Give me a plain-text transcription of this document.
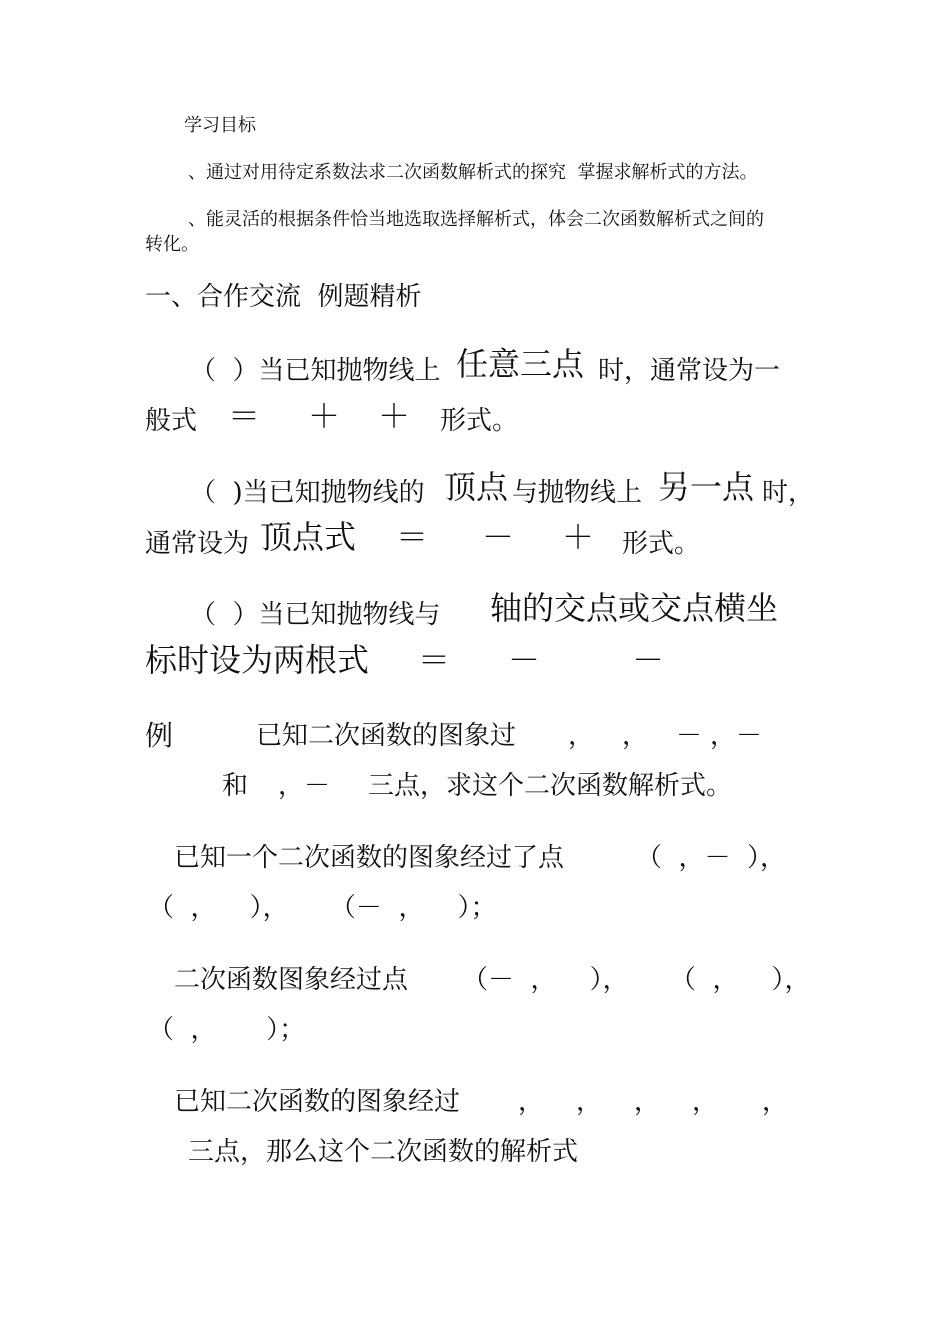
学习目标
、通过对用待定系数法求二次函数解析式的探究  掌握求解析式的方法。
、能灵活的根据条件恰当地选取选择解析式，体会二次函数解析式之间的
转化。
一、合作交流  例题精析
（  ）当已知抛物线上 任意三点 时，通常设为一
般式 ＝ ＋ ＋ 形式。
（  )当已知抛物线的 顶点 与抛物线上 另一点 时，
通常设为 顶点式 ＝ － ＋ 形式。
（  ）当已知抛物线与 轴的交点或交点横坐
标时设为两根式 ＝ －	－
例	已知二次函数的图象过 ， ， － ，－
和 ，－ 三点，求这个二次函数解析式。
已知一个二次函数的图象经过了点	（  ，－  ），
（  ，    ），     （－  ，    ）；
二次函数图象经过点 （－  ，    ），     （  ，    ），
（  ，      ）；
已知二次函数的图象经过 ， ， ， ， ，
三点，那么这个二次函数的解析式
